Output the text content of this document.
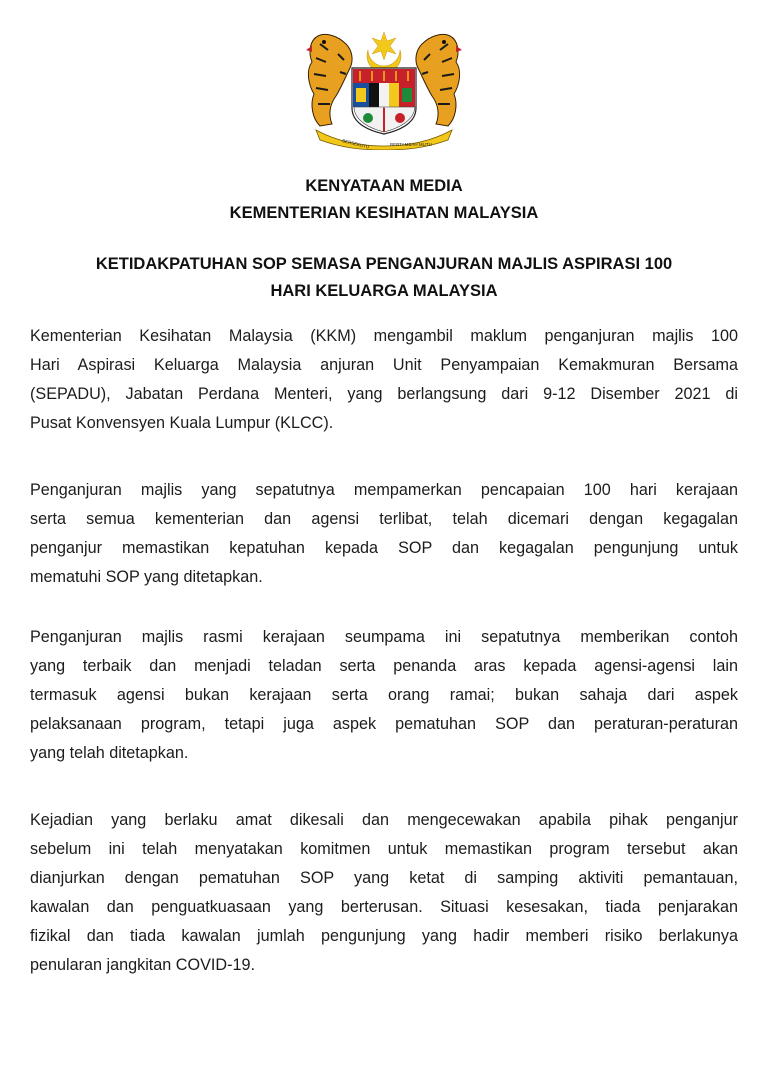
BERSEKUTU	BERTAMBAH MUTU
KENYATAAN MEDIA
KEMENTERIAN KESIHATAN MALAYSIA
KETIDAKPATUHAN SOP SEMASA PENGANJURAN MAJLIS ASPIRASI 100
HARI KELUARGA MALAYSIA
Kementerian Kesihatan Malaysia (KKM) mengambil maklum penganjuran majlis 100
Hari Aspirasi Keluarga Malaysia anjuran Unit Penyampaian Kemakmuran Bersama
(SEPADU), Jabatan Perdana Menteri, yang berlangsung dari 9-12 Disember 2021 di
Pusat Konvensyen Kuala Lumpur (KLCC).
Penganjuran majlis yang sepatutnya mempamerkan pencapaian 100 hari kerajaan
serta semua kementerian dan agensi terlibat, telah dicemari dengan kegagalan
penganjur memastikan kepatuhan kepada SOP dan kegagalan pengunjung untuk
mematuhi SOP yang ditetapkan.
Penganjuran majlis rasmi kerajaan seumpama ini sepatutnya memberikan contoh
yang terbaik dan menjadi teladan serta penanda aras kepada agensi-agensi lain
termasuk agensi bukan kerajaan serta orang ramai; bukan sahaja dari aspek
pelaksanaan program, tetapi juga aspek pematuhan SOP dan peraturan-peraturan
yang telah ditetapkan.
Kejadian yang berlaku amat dikesali dan mengecewakan apabila pihak penganjur
sebelum ini telah menyatakan komitmen untuk memastikan program tersebut akan
dianjurkan dengan pematuhan SOP yang ketat di samping aktiviti pemantauan,
kawalan dan penguatkuasaan yang berterusan. Situasi kesesakan, tiada penjarakan
fizikal dan tiada kawalan jumlah pengunjung yang hadir memberi risiko berlakunya
penularan jangkitan COVID-19.
